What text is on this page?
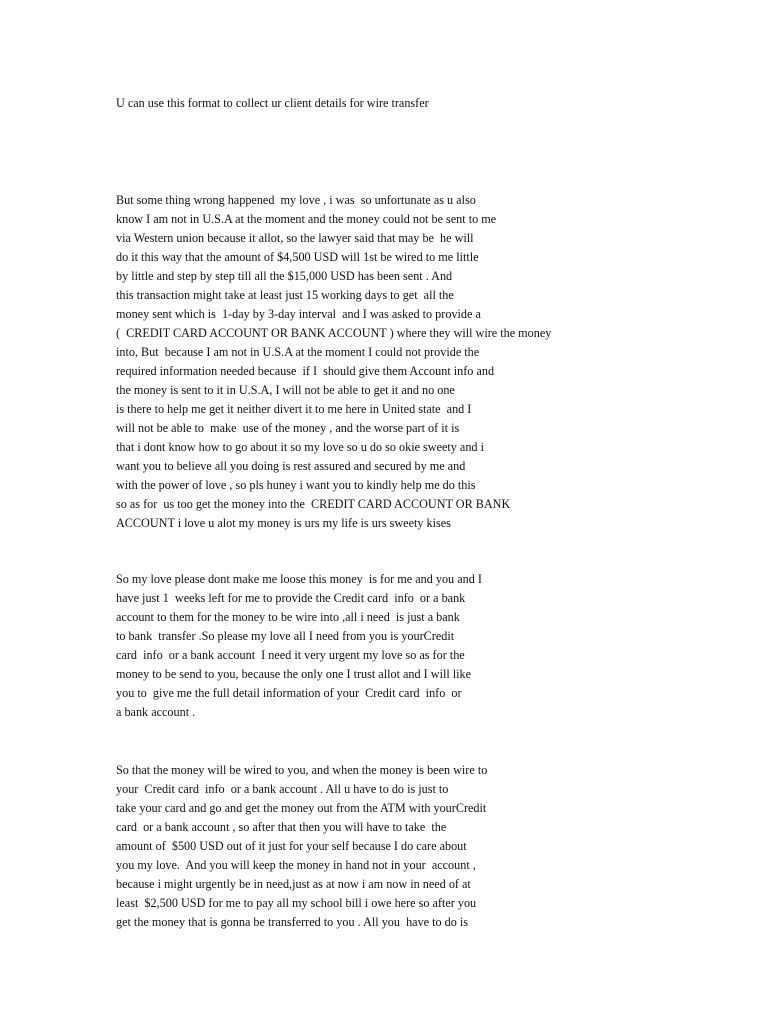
U can use this format to collect ur client details for wire transfer
But some thing wrong happened  my love , i was  so unfortunate as u also
know I am not in U.S.A at the moment and the money could not be sent to me
via Western union because it allot, so the lawyer said that may be  he will
do it this way that the amount of $4,500 USD will 1st be wired to me little
by little and step by step till all the $15,000 USD has been sent . And
this transaction might take at least just 15 working days to get  all the
money sent which is  1-day by 3-day interval  and I was asked to provide a
(  CREDIT CARD ACCOUNT OR BANK ACCOUNT ) where they will wire the money
into, But  because I am not in U.S.A at the moment I could not provide the
required information needed because  if I  should give them Account info and
the money is sent to it in U.S.A, I will not be able to get it and no one
is there to help me get it neither divert it to me here in United state  and I
will not be able to  make  use of the money , and the worse part of it is
that i dont know how to go about it so my love so u do so okie sweety and i
want you to believe all you doing is rest assured and secured by me and
with the power of love , so pls huney i want you to kindly help me do this
so as for  us too get the money into the  CREDIT CARD ACCOUNT OR BANK
ACCOUNT i love u alot my money is urs my life is urs sweety kises
So my love please dont make me loose this money  is for me and you and I
have just 1  weeks left for me to provide the Credit card  info  or a bank
account to them for the money to be wire into ,all i need  is just a bank
to bank  transfer .So please my love all I need from you is yourCredit
card  info  or a bank account  I need it very urgent my love so as for the
money to be send to you, because the only one I trust allot and I will like
you to  give me the full detail information of your  Credit card  info  or
a bank account .
So that the money will be wired to you, and when the money is been wire to
your  Credit card  info  or a bank account . All u have to do is just to
take your card and go and get the money out from the ATM with yourCredit
card  or a bank account , so after that then you will have to take  the
amount of  $500 USD out of it just for your self because I do care about
you my love.  And you will keep the money in hand not in your  account ,
because i might urgently be in need,just as at now i am now in need of at
least  $2,500 USD for me to pay all my school bill i owe here so after you
get the money that is gonna be transferred to you . All you  have to do is
